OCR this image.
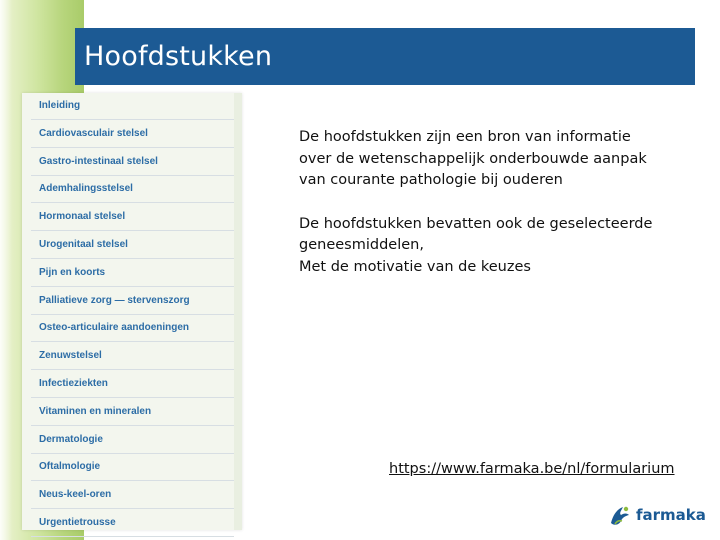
Hoofdstukken
Inleiding
Cardiovasculair stelsel
Gastro-intestinaal stelsel
Ademhalingsstelsel
Hormonaal stelsel
Urogenitaal stelsel
Pijn en koorts
Palliatieve zorg — stervenszorg
Osteo-articulaire aandoeningen
Zenuwstelsel
Infectieziekten
Vitaminen en mineralen
Dermatologie
Oftalmologie
Neus-keel-oren
Urgentietrousse

De hoofdstukken zijn een bron van informatie
over de wetenschappelijk onderbouwde aanpak
van courante pathologie bij ouderen

De hoofdstukken bevatten ook de geselecteerde
geneesmiddelen,
Met de motivatie van de keuzes

https://www.farmaka.be/nl/formularium
farmaka
